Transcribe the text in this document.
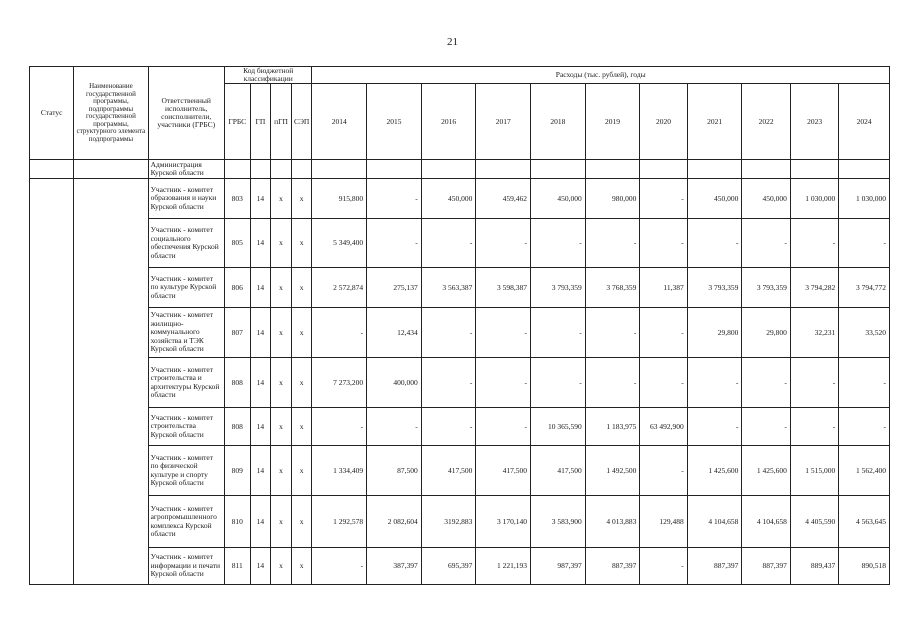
21
Статус	Наименование государственной программы, подпрограммы государственной программы, структурного элемента подпрограммы	Ответственный исполнитель, соисполнители, участники (ГРБС)	Код бюджетной классификации				Расходы (тыс. рублей), годы										
			ГРБС	ГП	пГП	СЭП	2014	2015	2016	2017	2018	2019	2020	2021	2022	2023	2024
		Администрация Курской области															
		Участник - комитет образования и науки Курской области	803	14	x	x	915,800	-	450,000	459,462	450,000	980,000	-	450,000	450,000	1 030,000	1 030,000
		Участник - комитет социального обеспечения Курской области	805	14	x	x	5 349,400	-	-	-	-	-	-	-	-	-	-
		Участник - комитет по культуре Курской области	806	14	x	x	2 572,874	275,137	3 563,387	3 598,387	3 793,359	3 768,359	11,387	3 793,359	3 793,359	3 794,282	3 794,772
		Участник - комитет жилищно-коммунального хозяйства и ТЭК Курской области	807	14	x	x	-	12,434	-	-	-	-	-	29,800	29,800	32,231	33,520
		Участник - комитет строительства и архитектуры Курской области	808	14	x	x	7 273,200	400,000	-	-	-	-	-	-	-	-	-
		Участник - комитет строительства Курской области	808	14	x	x	-	-	-	-	10 365,590	1 183,975	63 492,900	-	-	-	-
		Участник - комитет по физической культуре и спорту Курской области	809	14	x	x	1 334,409	87,500	417,500	417,500	417,500	1 492,500	-	1 425,600	1 425,600	1 515,000	1 562,400
		Участник - комитет агропромышленного комплекса Курской области	810	14	x	x	1 292,578	2 082,604	3192,883	3 170,140	3 583,900	4 013,883	129,488	4 104,658	4 104,658	4 405,590	4 563,645
		Участник - комитет информации и печати Курской области	811	14	x	x	-	387,397	695,397	1 221,193	987,397	887,397	-	887,397	887,397	889,437	890,518
